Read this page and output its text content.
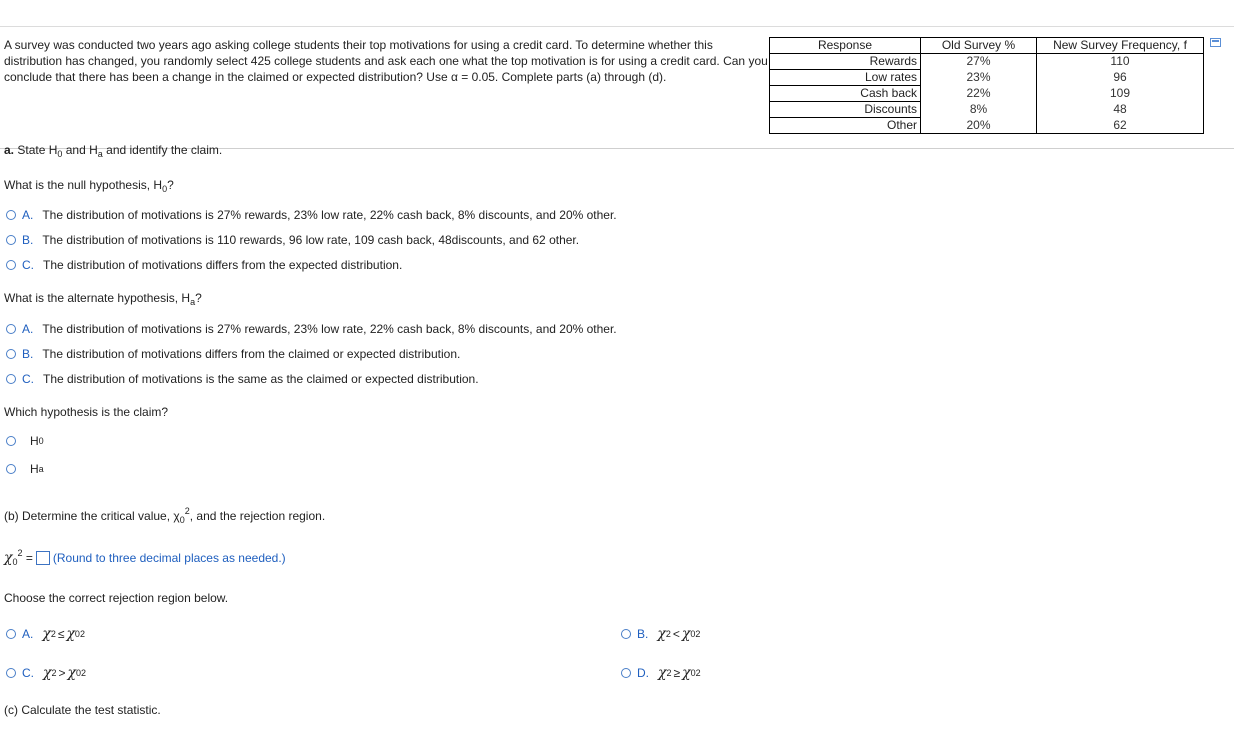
A survey was conducted two years ago asking college students their top motivations for using a credit card. To determine whether this distribution has changed, you randomly select 425 college students and ask each one what the top motivation is for using a credit card. Can you conclude that there has been a change in the claimed or expected distribution? Use α = 0.05. Complete parts (a) through (d).
Response	Old Survey %	New Survey Frequency, f
Rewards	27%	110
Low rates	23%	96
Cash back	22%	109
Discounts	8%	48
Other	20%	62
a. State $H_0$ and $H_a$ and identify the claim.
What is the null hypothesis, $H_0$?
A. The distribution of motivations is 27% rewards, 23% low rate, 22% cash back, 8% discounts, and 20% other.
B. The distribution of motivations is 110 rewards, 96 low rate, 109 cash back, 48discounts, and 62 other.
C. The distribution of motivations differs from the expected distribution.
What is the alternate hypothesis, $H_a$?
A. The distribution of motivations is 27% rewards, 23% low rate, 22% cash back, 8% discounts, and 20% other.
B. The distribution of motivations differs from the claimed or expected distribution.
C. The distribution of motivations is the same as the claimed or expected distribution.
Which hypothesis is the claim?
H 0
H a
(b) Determine the critical value, $\chi_0^2$, and the rejection region.
$\chi_0^2$ = (Round to three decimal places as needed.)
Choose the correct rejection region below.
A. χ 2 ≤ χ 0 2	B. χ 2 < χ 0 2
C. χ 2 > χ 0 2	D. χ 2 ≥ χ 0 2
(c) Calculate the test statistic.
